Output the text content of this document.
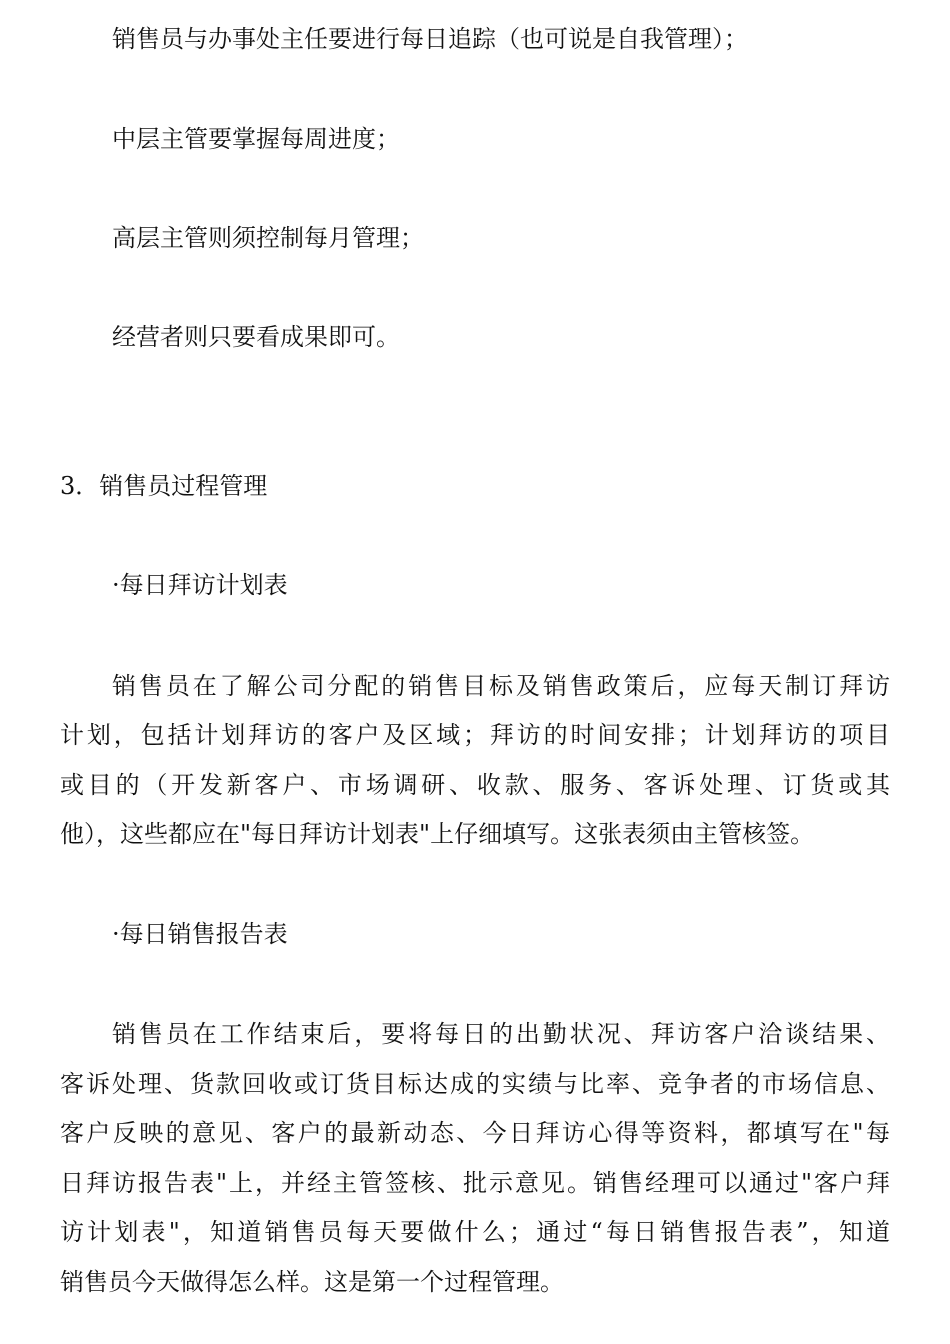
销售员与办事处主任要进行每日追踪（也可说是自我管理）；
中层主管要掌握每周进度；
高层主管则须控制每月管理；
经营者则只要看成果即可。
3．销售员过程管理
·每日拜访计划表
销售员在了解公司分配的销售目标及销售政策后，应每天制订拜访
计划，包括计划拜访的客户及区域；拜访的时间安排；计划拜访的项目
或目的（开发新客户、市场调研、收款、服务、客诉处理、订货或其
他），这些都应在"每日拜访计划表"上仔细填写。这张表须由主管核签。
·每日销售报告表
销售员在工作结束后，要将每日的出勤状况、拜访客户洽谈结果、
客诉处理、货款回收或订货目标达成的实绩与比率、竞争者的市场信息、
客户反映的意见、客户的最新动态、今日拜访心得等资料，都填写在"每
日拜访报告表"上，并经主管签核、批示意见。销售经理可以通过"客户拜
访计划表"，知道销售员每天要做什么；通过“每日销售报告表”，知道
销售员今天做得怎么样。这是第一个过程管理。
